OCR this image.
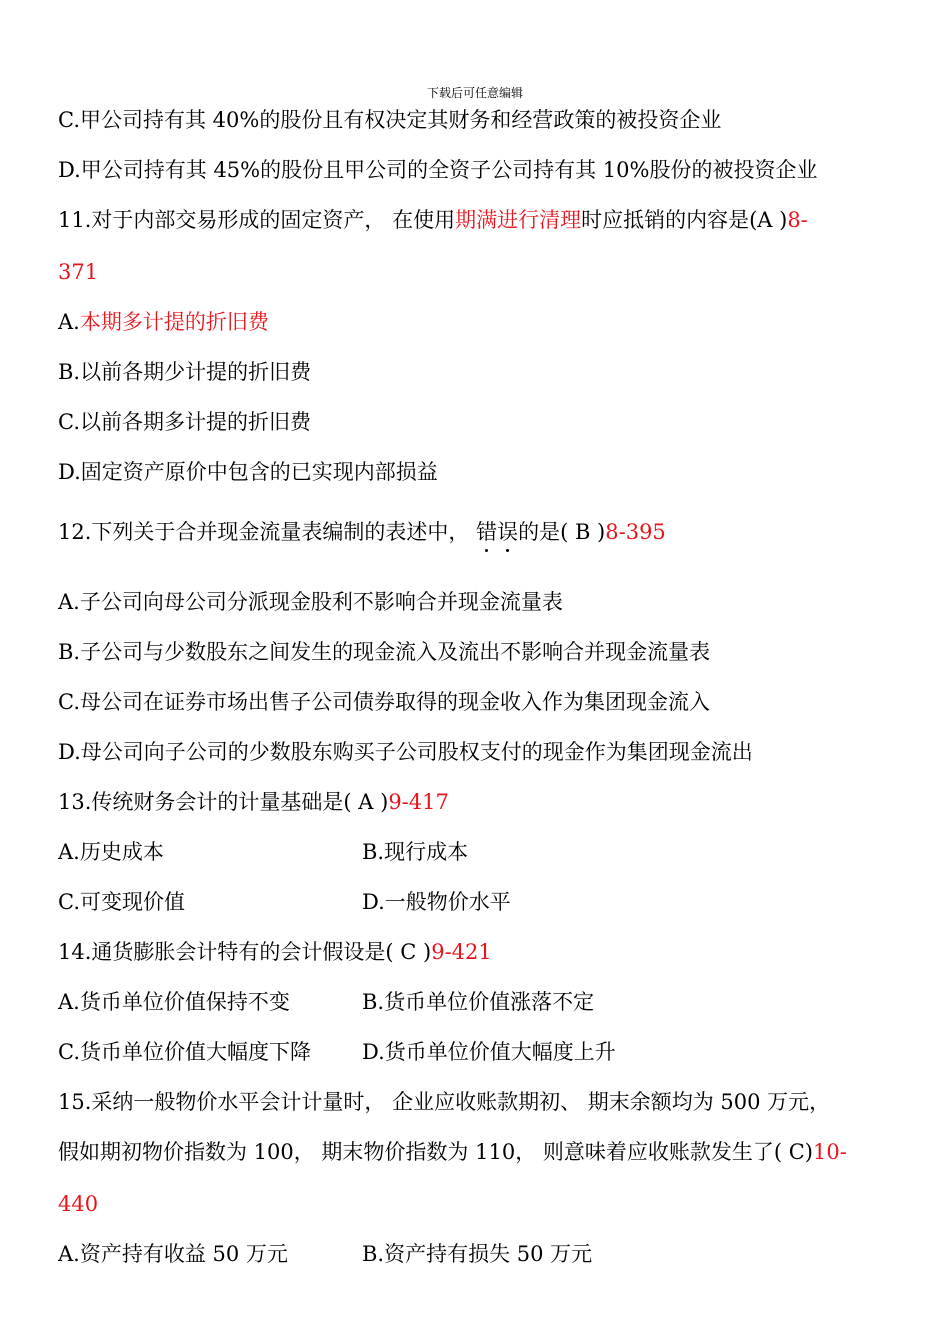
下载后可任意编辑
C.甲公司持有其 40%的股份且有权决定其财务和经营政策的被投资企业
D.甲公司持有其 45%的股份且甲公司的全资子公司持有其 10%股份的被投资企业
11.对于内部交易形成的固定资产， 在使用期满进行清理时应抵销的内容是(A )8-
371
A.本期多计提的折旧费
B.以前各期少计提的折旧费
C.以前各期多计提的折旧费
D.固定资产原价中包含的已实现内部损益
12.下列关于合并现金流量表编制的表述中， 错误的是( B )8-395
A.子公司向母公司分派现金股利不影响合并现金流量表
B.子公司与少数股东之间发生的现金流入及流出不影响合并现金流量表
C.母公司在证券市场出售子公司债券取得的现金收入作为集团现金流入
D.母公司向子公司的少数股东购买子公司股权支付的现金作为集团现金流出
13.传统财务会计的计量基础是( A )9-417
A.历史成本	B.现行成本
C.可变现价值	D.一般物价水平
14.通货膨胀会计特有的会计假设是( C )9-421
A.货币单位价值保持不变	B.货币单位价值涨落不定
C.货币单位价值大幅度下降 D.货币单位价值大幅度上升
15.采纳一般物价水平会计计量时， 企业应收账款期初、 期末余额均为 500 万元，
假如期初物价指数为 100， 期末物价指数为 110， 则意味着应收账款发生了( C)10-
440
A.资产持有收益 50 万元	B.资产持有损失 50 万元
